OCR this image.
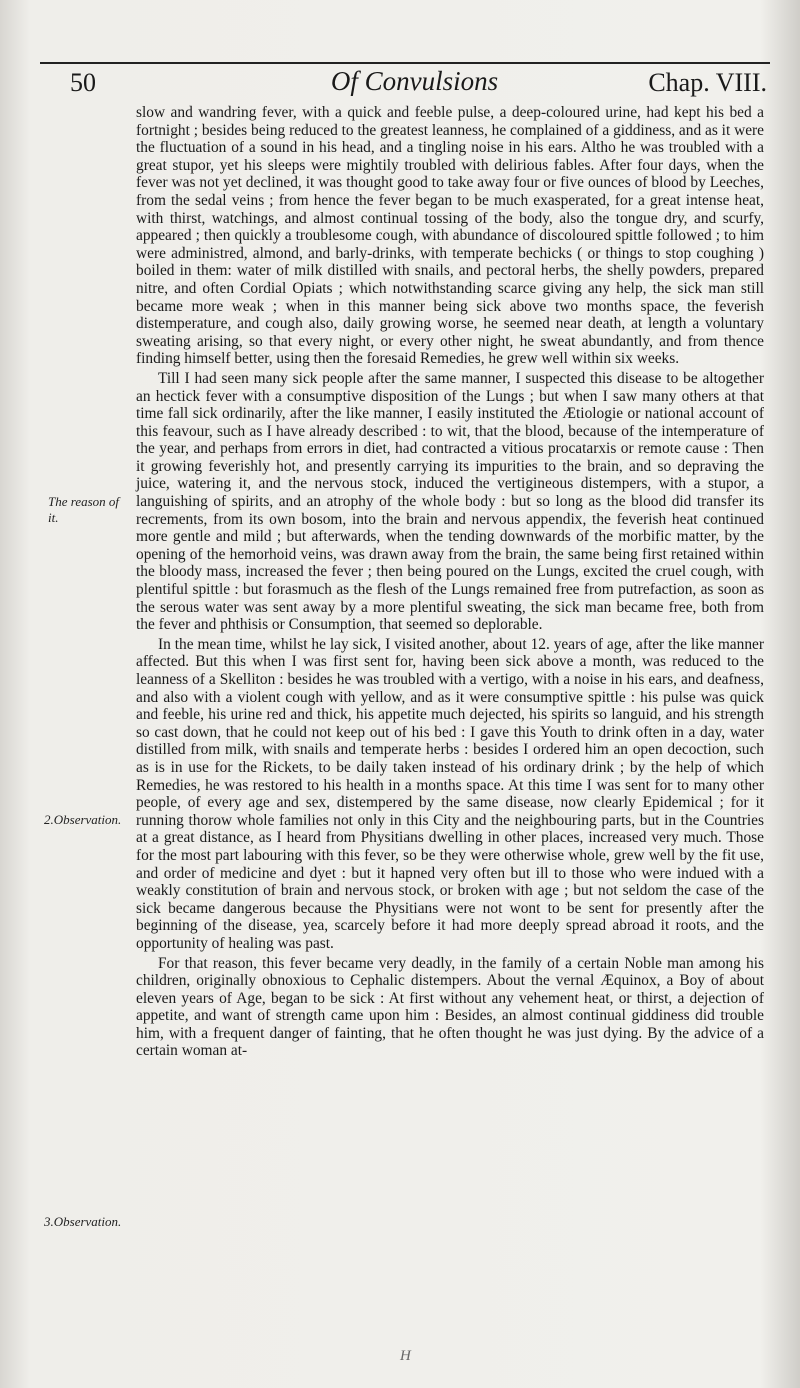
50	Of Convulsions	Chap. VIII.
The reason of it.
2.Observation.
3.Observation.

slow and wandring fever, with a quick and feeble pulse, a deep-coloured urine, had kept his bed a fortnight ; besides being reduced to the greatest leanness, he complained of a giddiness, and as it were the fluctuation of a sound in his head, and a tingling noise in his ears. Altho he was troubled with a great stupor, yet his sleeps were mightily troubled with delirious fables. After four days, when the fever was not yet declined, it was thought good to take away four or five ounces of blood by Leeches, from the sedal veins ; from hence the fever began to be much exasperated, for a great intense heat, with thirst, watchings, and almost continual tossing of the body, also the tongue dry, and scurfy, appeared ; then quickly a troublesome cough, with abundance of discoloured spittle followed ; to him were administred, almond, and barly-drinks, with temperate bechicks ( or things to stop coughing ) boiled in them: water of milk distilled with snails, and pectoral herbs, the shelly powders, prepared nitre, and often Cordial Opiats ; which notwithstanding scarce giving any help, the sick man still became more weak ; when in this manner being sick above two months space, the feverish distemperature, and cough also, daily growing worse, he seemed near death, at length a voluntary sweating arising, so that every night, or every other night, he sweat abundantly, and from thence finding himself better, using then the foresaid Remedies, he grew well within six weeks.

Till I had seen many sick people after the same manner, I suspected this disease to be altogether an hectick fever with a consumptive disposition of the Lungs ; but when I saw many others at that time fall sick ordinarily, after the like manner, I easily instituted the Ætiologie or national account of this feavour, such as I have already described : to wit, that the blood, because of the intemperature of the year, and perhaps from errors in diet, had contracted a vitious procatarxis or remote cause : Then it growing feverishly hot, and presently carrying its impurities to the brain, and so depraving the juice, watering it, and the nervous stock, induced the vertigineous distempers, with a stupor, a languishing of spirits, and an atrophy of the whole body : but so long as the blood did transfer its recrements, from its own bosom, into the brain and nervous appendix, the feverish heat continued more gentle and mild ; but afterwards, when the tending downwards of the morbific matter, by the opening of the hemorhoid veins, was drawn away from the brain, the same being first retained within the bloody mass, increased the fever ; then being poured on the Lungs, excited the cruel cough, with plentiful spittle : but forasmuch as the flesh of the Lungs remained free from putrefaction, as soon as the serous water was sent away by a more plentiful sweating, the sick man became free, both from the fever and phthisis or Consumption, that seemed so deplorable.

In the mean time, whilst he lay sick, I visited another, about 12. years of age, after the like manner affected. But this when I was first sent for, having been sick above a month, was reduced to the leanness of a Skelliton : besides he was troubled with a vertigo, with a noise in his ears, and deafness, and also with a violent cough with yellow, and as it were consumptive spittle : his pulse was quick and feeble, his urine red and thick, his appetite much dejected, his spirits so languid, and his strength so cast down, that he could not keep out of his bed : I gave this Youth to drink often in a day, water distilled from milk, with snails and temperate herbs : besides I ordered him an open decoction, such as is in use for the Rickets, to be daily taken instead of his ordinary drink ; by the help of which Remedies, he was restored to his health in a months space. At this time I was sent for to many other people, of every age and sex, distempered by the same disease, now clearly Epidemical ; for it running thorow whole families not only in this City and the neighbouring parts, but in the Countries at a great distance, as I heard from Physitians dwelling in other places, increased very much. Those for the most part labouring with this fever, so be they were otherwise whole, grew well by the fit use, and order of medicine and dyet : but it hapned very often but ill to those who were indued with a weakly constitution of brain and nervous stock, or broken with age ; but not seldom the case of the sick became dangerous because the Physitians were not wont to be sent for presently after the beginning of the disease, yea, scarcely before it had more deeply spread abroad it roots, and the opportunity of healing was past.

For that reason, this fever became very deadly, in the family of a certain Noble man among his children, originally obnoxious to Cephalic distempers. About the vernal Æquinox, a Boy of about eleven years of Age, began to be sick : At first without any vehement heat, or thirst, a dejection of appetite, and want of strength came upon him : Besides, an almost continual giddiness did trouble him, with a frequent danger of fainting, that he often thought he was just dying. By the advice of a certain woman at-

H
